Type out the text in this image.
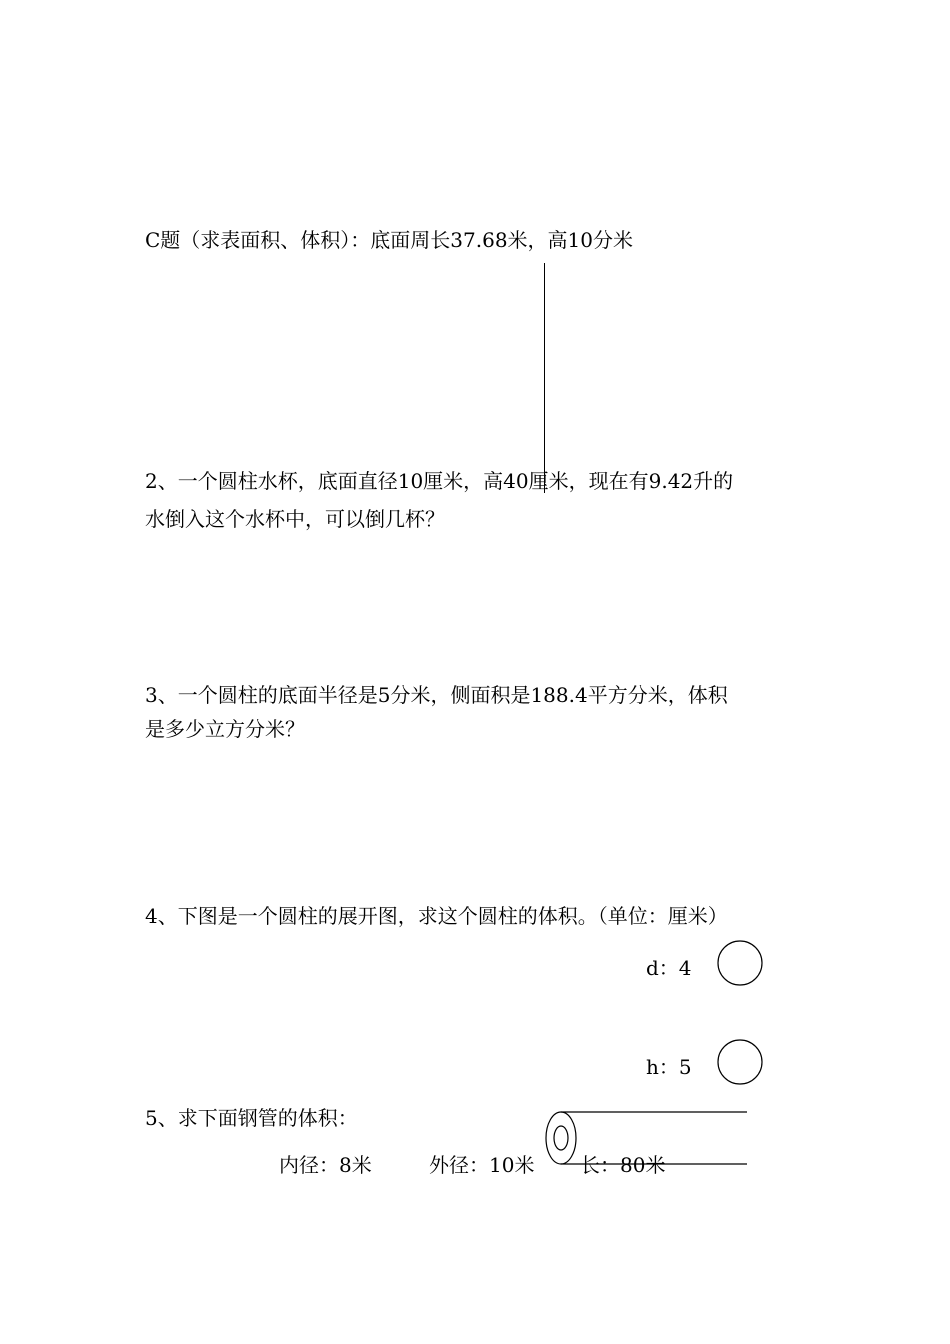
C题（求表面积、体积）：底面周长37.68米，高10分米
2、一个圆柱水杯，底面直径10厘米，高40厘米，现在有9.42升的
水倒入这个水杯中，可以倒几杯？
3、一个圆柱的底面半径是5分米，侧面积是188.4平方分米，体积
是多少立方分米？
4、下图是一个圆柱的展开图，求这个圆柱的体积。（单位：厘米）
d：4
h：5
5、求下面钢管的体积：
内径：8米	外径：10米 长：80米
